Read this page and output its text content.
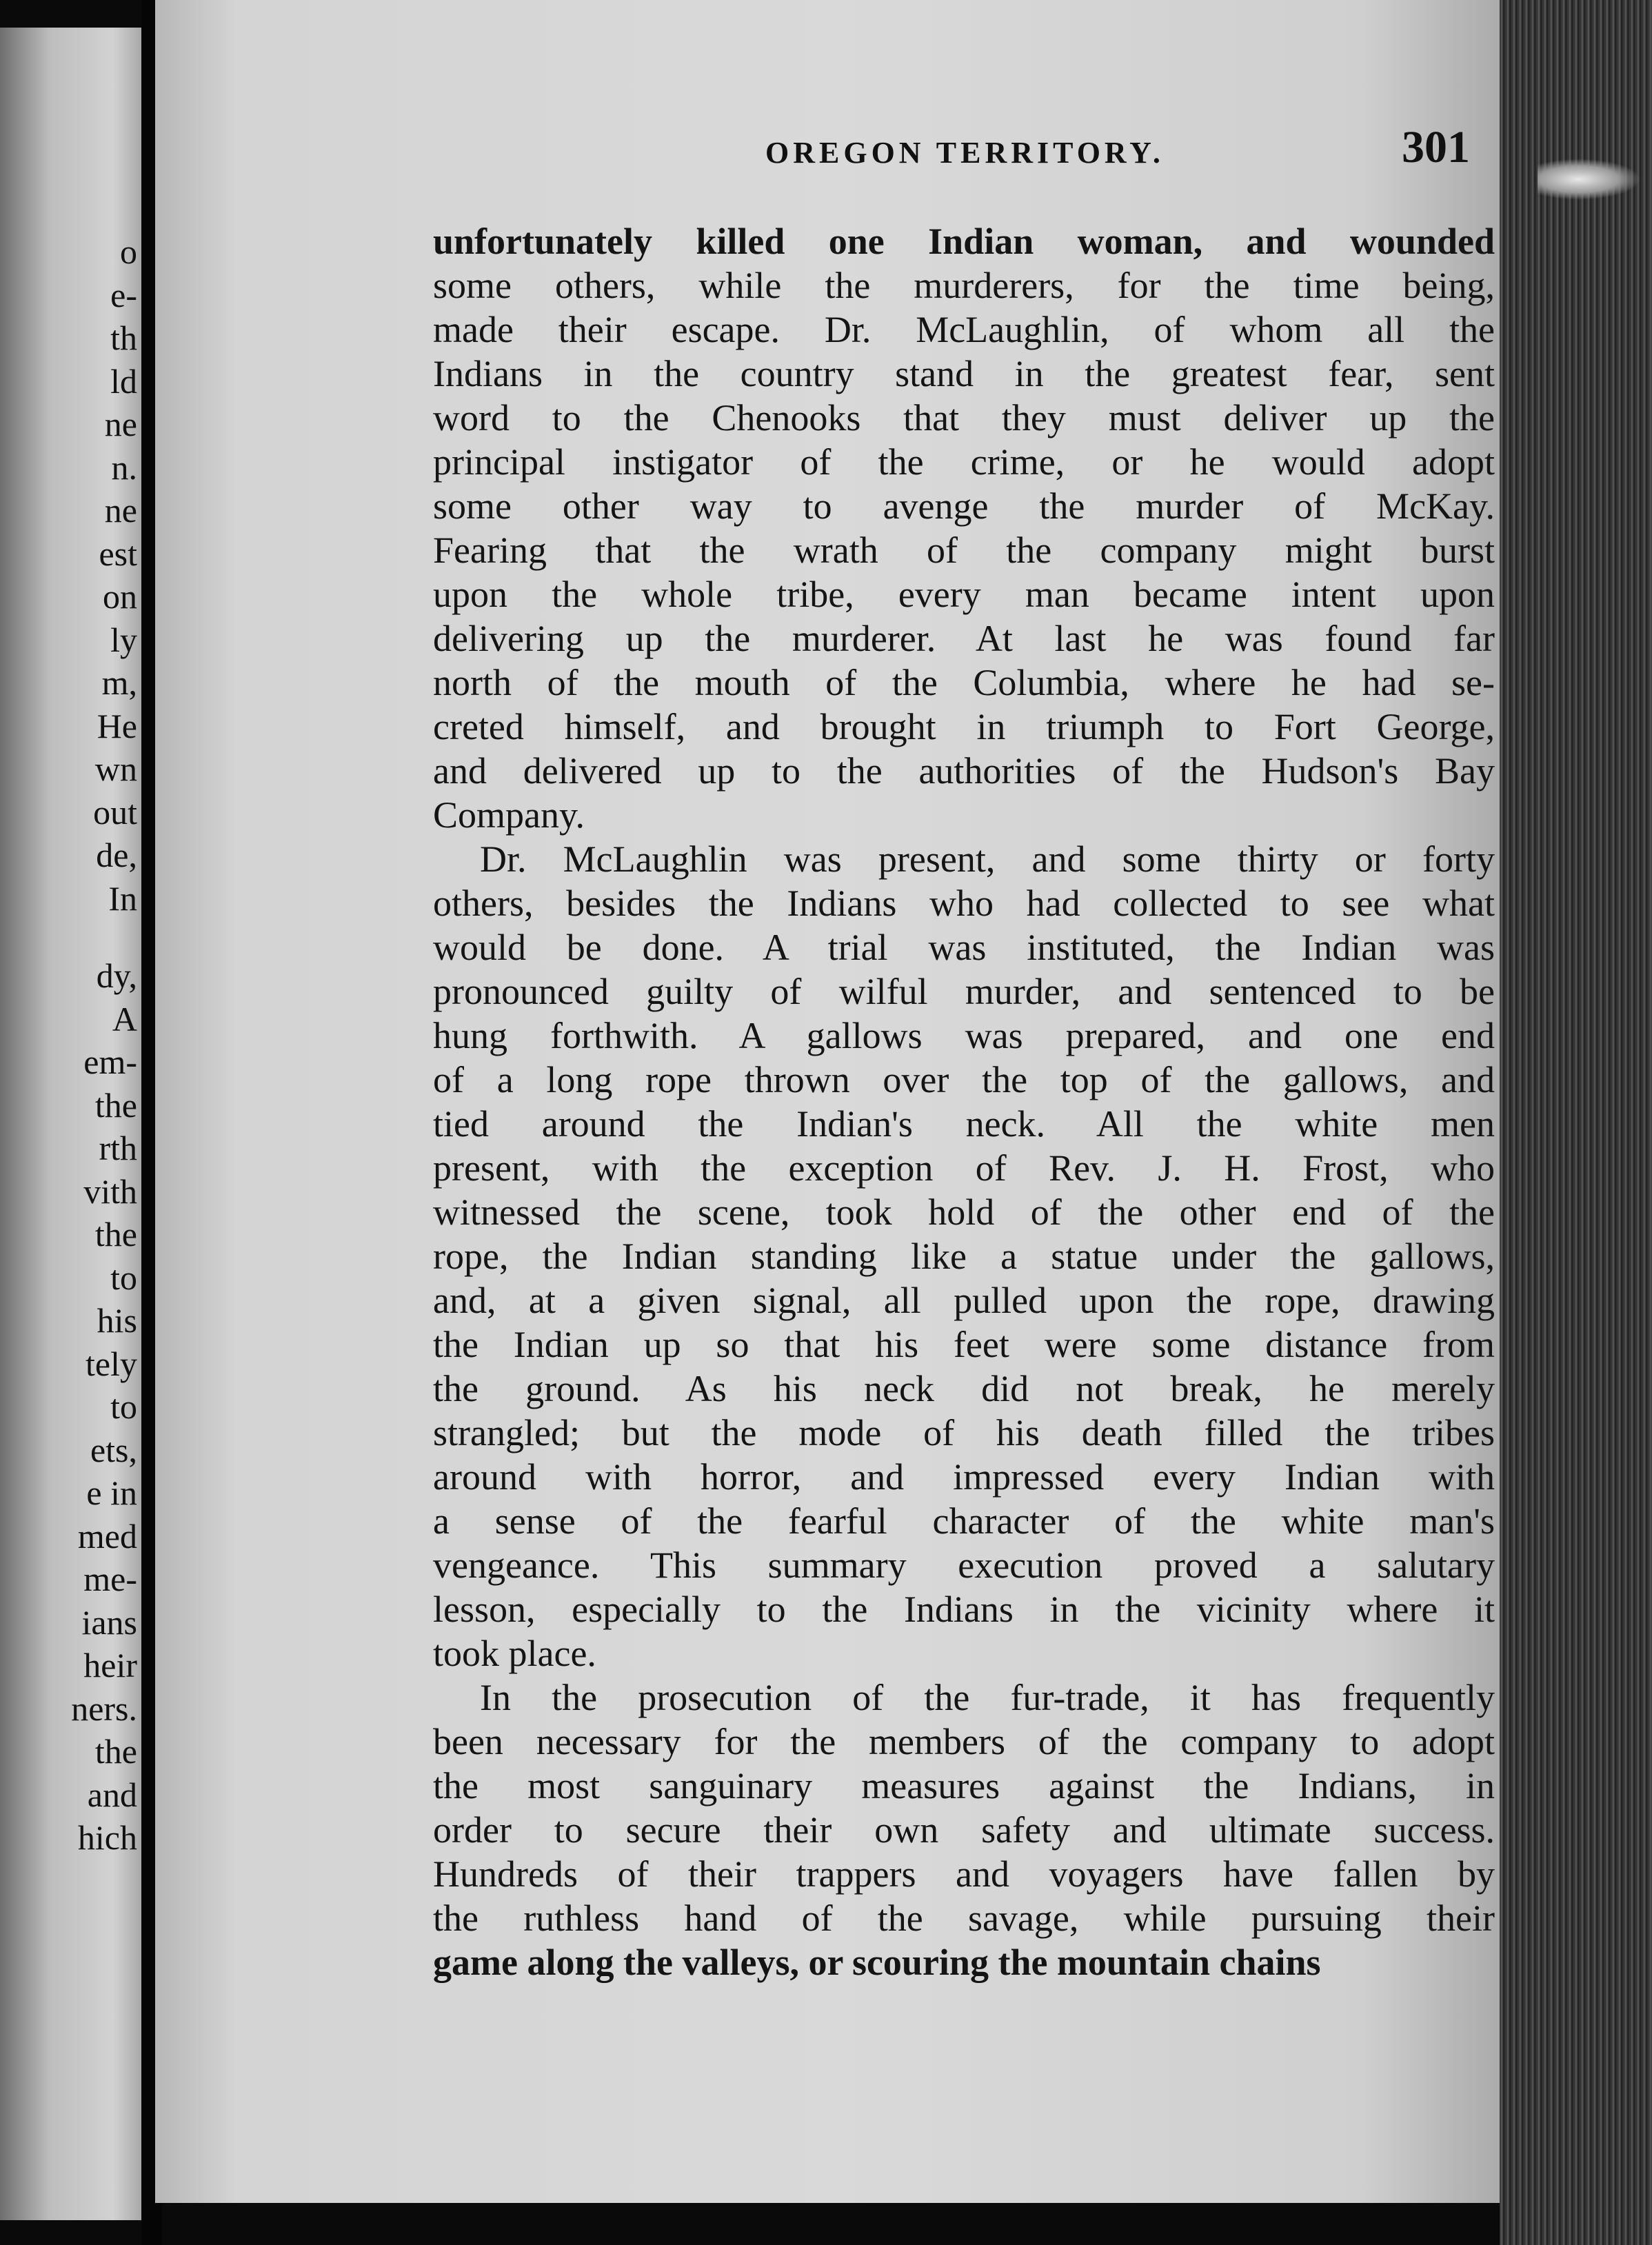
o
e-
th
ld
ne
n.
ne
est
on
ly
m,
He
wn
out
de,
In
dy,
A
em-
the
rth
vith
the
to
his
tely
to
ets,
e in
med
me-
ians
heir
ners.
the
and
hich
OREGON TERRITORY.	301
unfortunately killed one Indian woman, and wounded
some others, while the murderers, for the time being,
made their escape. Dr. McLaughlin, of whom all the
Indians in the country stand in the greatest fear, sent
word to the Chenooks that they must deliver up the
principal instigator of the crime, or he would adopt
some other way to avenge the murder of McKay.
Fearing that the wrath of the company might burst
upon the whole tribe, every man became intent upon
delivering up the murderer. At last he was found far
north of the mouth of the Columbia, where he had se-
creted himself, and brought in triumph to Fort George,
and delivered up to the authorities of the Hudson's Bay
Company.
Dr. McLaughlin was present, and some thirty or forty
others, besides the Indians who had collected to see what
would be done. A trial was instituted, the Indian was
pronounced guilty of wilful murder, and sentenced to be
hung forthwith. A gallows was prepared, and one end
of a long rope thrown over the top of the gallows, and
tied around the Indian's neck. All the white men
present, with the exception of Rev. J. H. Frost, who
witnessed the scene, took hold of the other end of the
rope, the Indian standing like a statue under the gallows,
and, at a given signal, all pulled upon the rope, drawing
the Indian up so that his feet were some distance from
the ground. As his neck did not break, he merely
strangled; but the mode of his death filled the tribes
around with horror, and impressed every Indian with
a sense of the fearful character of the white man's
vengeance. This summary execution proved a salutary
lesson, especially to the Indians in the vicinity where it
took place.
In the prosecution of the fur-trade, it has frequently
been necessary for the members of the company to adopt
the most sanguinary measures against the Indians, in
order to secure their own safety and ultimate success.
Hundreds of their trappers and voyagers have fallen by
the ruthless hand of the savage, while pursuing their
game along the valleys, or scouring the mountain chains
